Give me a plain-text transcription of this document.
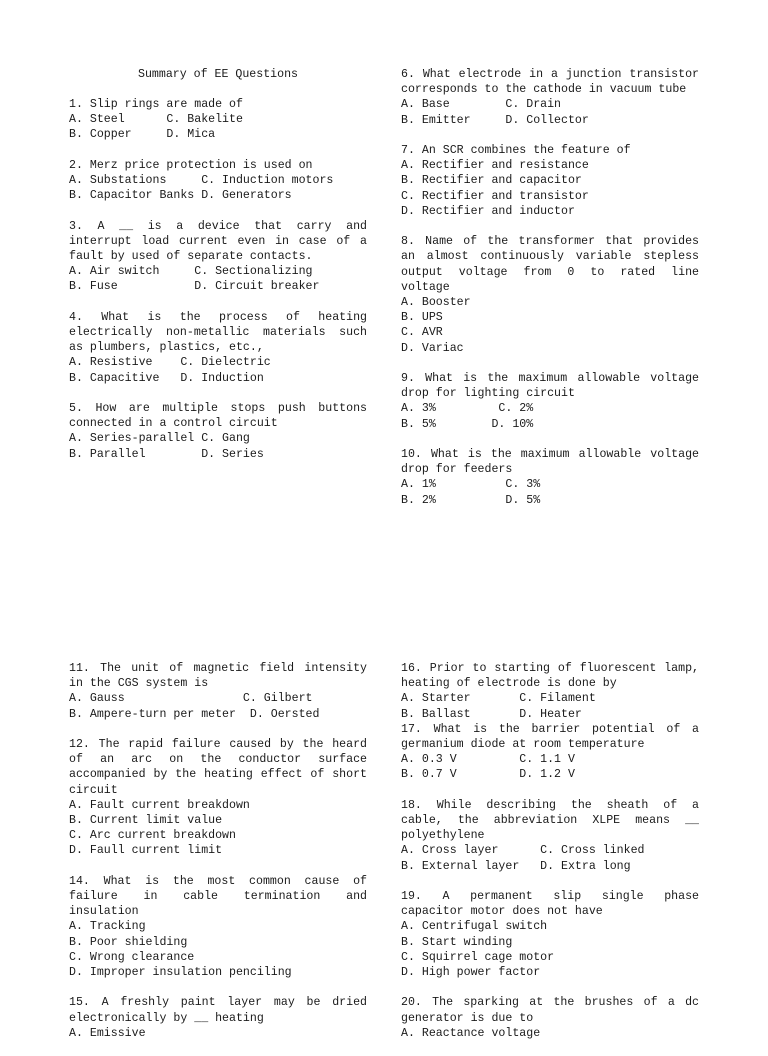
Summary of EE Questions
1. Slip rings are made of
A. Steel      C. Bakelite
B. Copper     D. Mica
2. Merz price protection is used on
A. Substations     C. Induction motors
B. Capacitor Banks D. Generators
3. A __ is a device that carry and interrupt load current even in case of a fault by used of separate contacts.
A. Air switch     C. Sectionalizing
B. Fuse           D. Circuit breaker
4. What is the process of heating electrically non-metallic materials such as plumbers, plastics, etc.,
A. Resistive    C. Dielectric
B. Capacitive   D. Induction
5. How are multiple stops push buttons connected in a control circuit
A. Series-parallel C. Gang
B. Parallel        D. Series
6. What electrode in a junction transistor corresponds to the cathode in vacuum tube
A. Base        C. Drain
B. Emitter     D. Collector
7. An SCR combines the feature of
A. Rectifier and resistance
B. Rectifier and capacitor
C. Rectifier and transistor
D. Rectifier and inductor
8. Name of the transformer that provides an almost continuously variable stepless output voltage from 0 to rated line voltage
A. Booster
B. UPS
C. AVR
D. Variac
9. What is the maximum allowable voltage drop for lighting circuit
A. 3%         C. 2%
B. 5%        D. 10%
10. What is the maximum allowable voltage drop for feeders
A. 1%          C. 3%
B. 2%          D. 5%
11. The unit of magnetic field intensity in the CGS system is
A. Gauss                 C. Gilbert
B. Ampere-turn per meter  D. Oersted
12. The rapid failure caused by the heard of an arc on the conductor surface accompanied by the heating effect of short circuit
A. Fault current breakdown
B. Current limit value
C. Arc current breakdown
D. Faull current limit
14. What is the most common cause of failure in cable termination and insulation
A. Tracking
B. Poor shielding
C. Wrong clearance
D. Improper insulation penciling
15. A freshly paint layer may be dried electronically by __ heating
A. Emissive
16. Prior to starting of fluorescent lamp, heating of electrode is done by
A. Starter       C. Filament
B. Ballast       D. Heater
17. What is the barrier potential of a germanium diode at room temperature
A. 0.3 V         C. 1.1 V
B. 0.7 V         D. 1.2 V
18. While describing the sheath of a cable, the abbreviation XLPE means __ polyethylene
A. Cross layer      C. Cross linked
B. External layer   D. Extra long
19. A permanent slip single phase capacitor motor does not have
A. Centrifugal switch
B. Start winding
C. Squirrel cage motor
D. High power factor
20. The sparking at the brushes of a dc generator is due to
A. Reactance voltage
